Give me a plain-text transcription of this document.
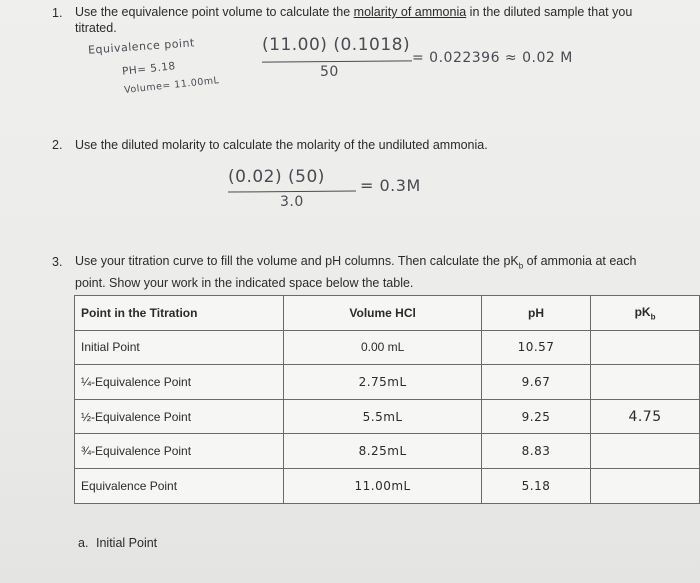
1. Use the equivalence point volume to calculate the molarity of ammonia in the diluted sample that you titrated.
Equivalence point
PH= 5.18
Volume= 11.00mL
(11.00) (0.1018)
50
= 0.022396 ≈ 0.02 M
2. Use the diluted molarity to calculate the molarity of the undiluted ammonia.
(0.02) (50)
3.0
= 0.3M
3. Use your titration curve to fill the volume and pH columns. Then calculate the $pK_b$ of ammonia at each
point. Show your work in the indicated space below the table.
Point in the Titration	Volume HCl	pH	$pK_b$
Initial Point	0.00 mL	10.57	
¼-Equivalence Point	2.75mL	9.67	
½-Equivalence Point	5.5mL	9.25	4.75
¾-Equivalence Point	8.25mL	8.83	
Equivalence Point	11.00mL	5.18	
a. Initial Point
